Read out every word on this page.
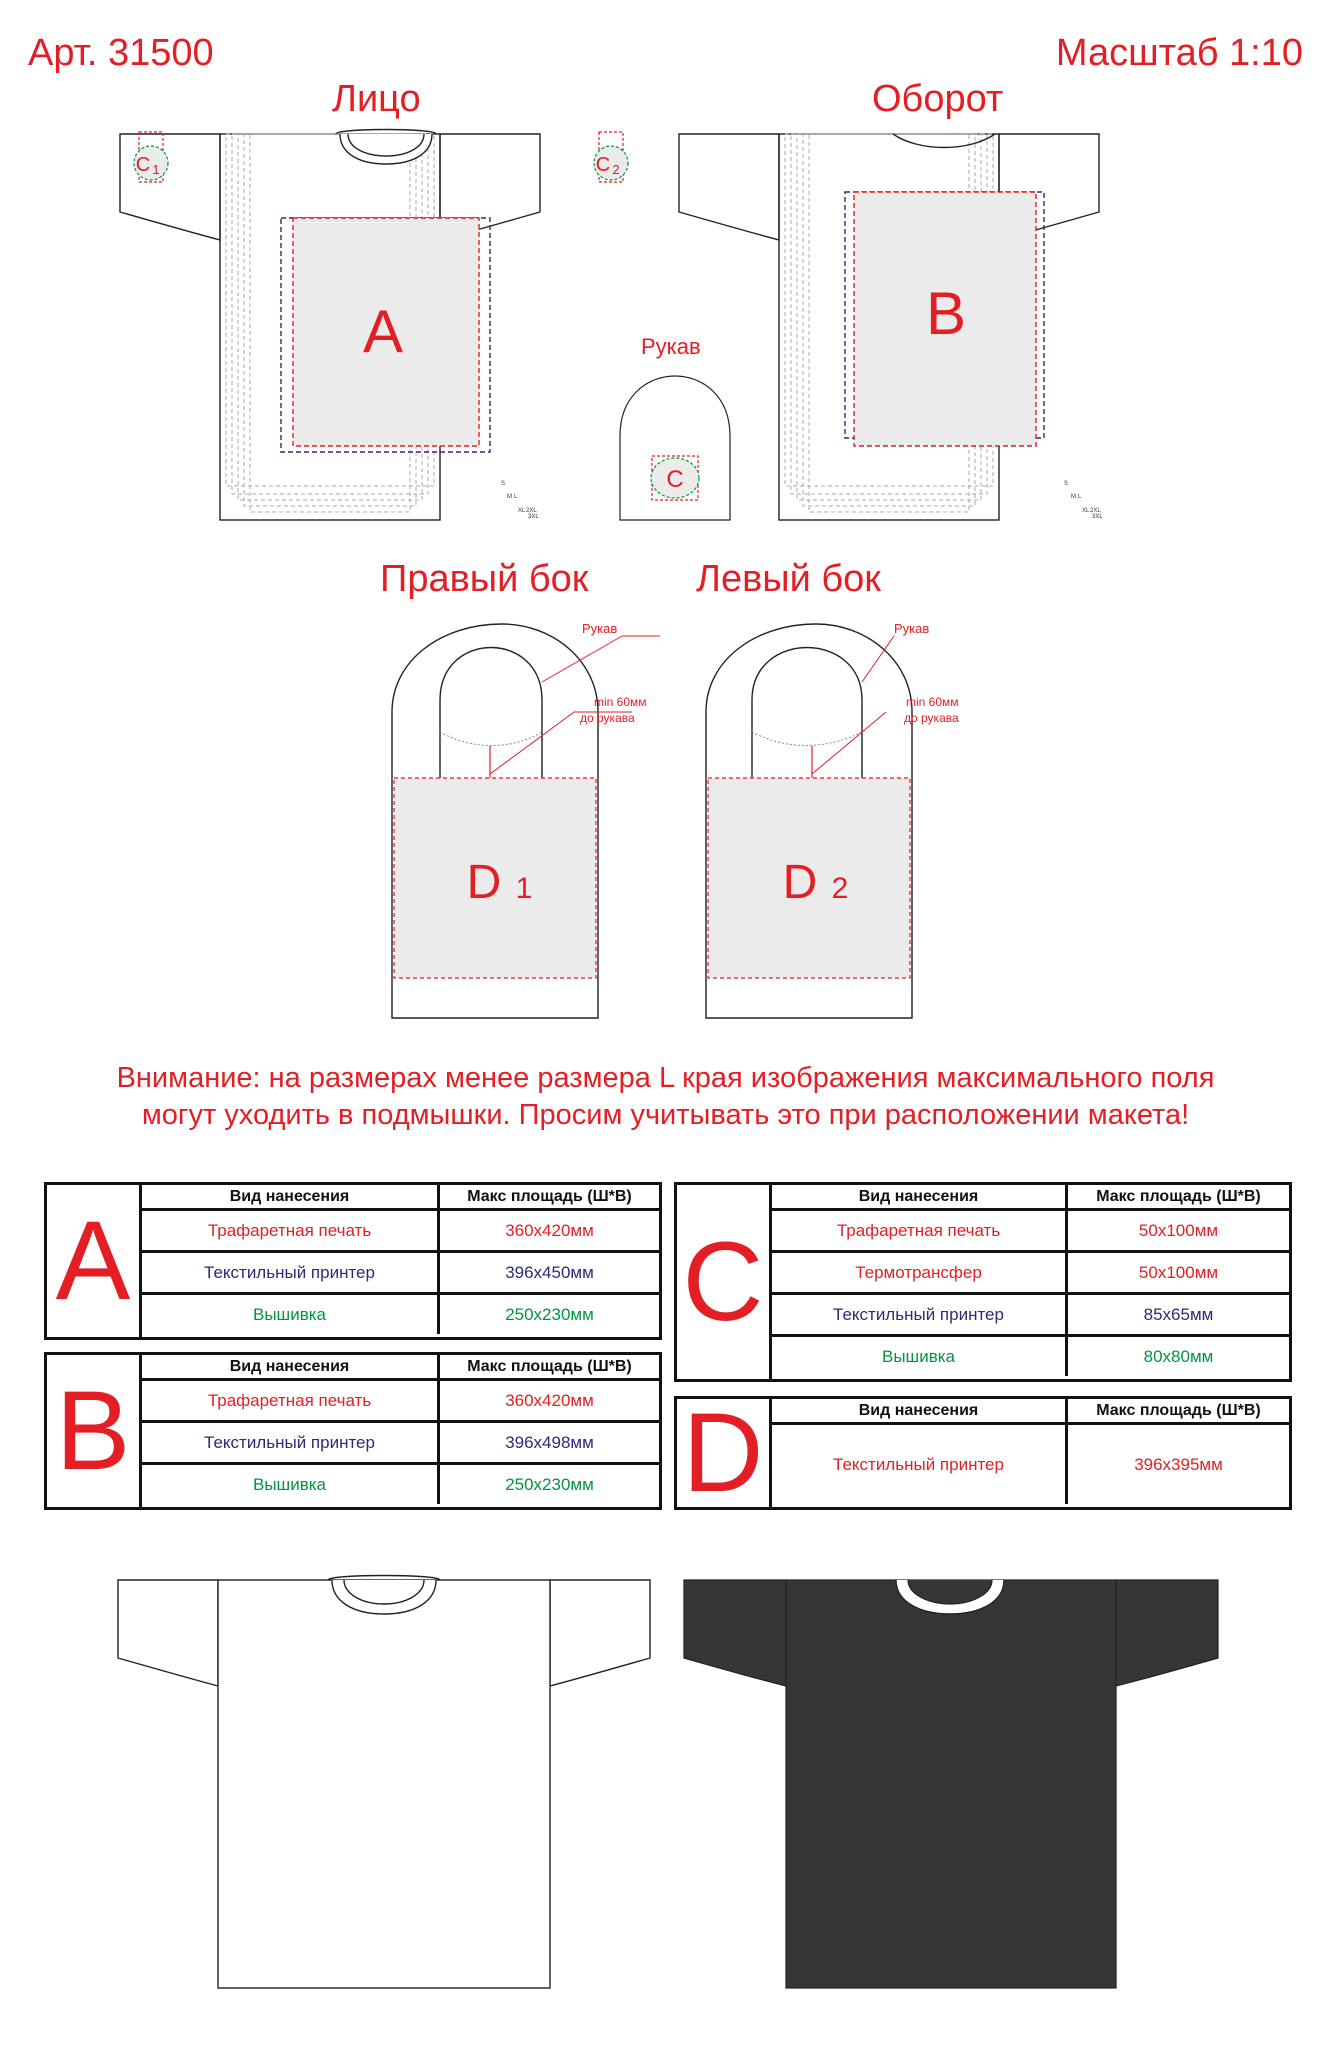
Арт. 31500	Масштаб 1:10
A
C 1	C 2
S
M L
XL 2XL
3XL
B
S
M L
XL 2XL
3XL
C
Лицо	Оборот
Рукав
Правый бок	Левый бок
D 1
Рукав
min 60мм
до рукава
D 2
Рукав
min 60мм
до рукава
Внимание: на размерах менее размера L края изображения максимального поля
могут уходить в подмышки. Просим учитывать это при расположении макета!
A
Вид нанесения	Макс площадь (Ш*В)
Трафаретная печать	360х420мм
Текстильный принтер	396х450мм
Вышивка	250х230мм
B
Вид нанесения	Макс площадь (Ш*В)
Трафаретная печать	360х420мм
Текстильный принтер	396х498мм
Вышивка	250х230мм
C
Вид нанесения	Макс площадь (Ш*В)
Трафаретная печать	50х100мм
Термотрансфер	50х100мм
Текстильный принтер	85х65мм
Вышивка	80х80мм
D	Вид нанесения	Макс площадь (Ш*В)
Текстильный принтер	396х395мм
